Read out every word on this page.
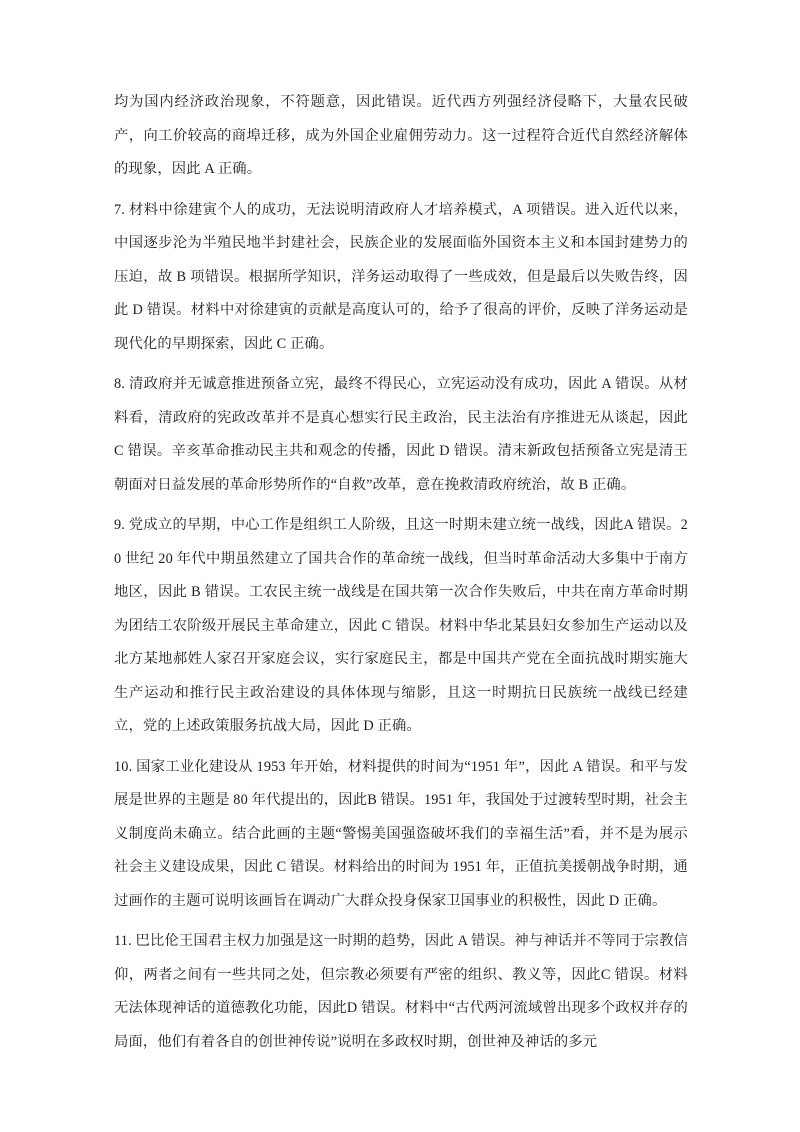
均为国内经济政治现象，不符题意，因此错误。近代西方列强经济侵略下，大量农民破产，向工价较高的商埠迁移，成为外国企业雇佣劳动力。这一过程符合近代自然经济解体的现象，因此 A 正确。

7. 材料中徐建寅个人的成功，无法说明清政府人才培养模式，A 项错误。进入近代以来，中国逐步沦为半殖民地半封建社会，民族企业的发展面临外国资本主义和本国封建势力的压迫，故 B 项错误。根据所学知识，洋务运动取得了一些成效，但是最后以失败告终，因此 D 错误。材料中对徐建寅的贡献是高度认可的，给予了很高的评价，反映了洋务运动是现代化的早期探索，因此 C 正确。

8. 清政府并无诚意推进预备立宪，最终不得民心，立宪运动没有成功，因此 A 错误。从材料看，清政府的宪政改革并不是真心想实行民主政治，民主法治有序推进无从谈起，因此 C 错误。辛亥革命推动民主共和观念的传播，因此 D 错误。清末新政包括预备立宪是清王朝面对日益发展的革命形势所作的“自救”改革，意在挽救清政府统治，故 B 正确。

9. 党成立的早期，中心工作是组织工人阶级，且这一时期未建立统一战线，因此A 错误。20 世纪 20 年代中期虽然建立了国共合作的革命统一战线，但当时革命活动大多集中于南方地区，因此 B 错误。工农民主统一战线是在国共第一次合作失败后，中共在南方革命时期为团结工农阶级开展民主革命建立，因此 C 错误。材料中华北某县妇女参加生产运动以及北方某地郝姓人家召开家庭会议，实行家庭民主，都是中国共产党在全面抗战时期实施大生产运动和推行民主政治建设的具体体现与缩影，且这一时期抗日民族统一战线已经建立，党的上述政策服务抗战大局，因此 D 正确。

10. 国家工业化建设从 1953 年开始，材料提供的时间为“1951 年”，因此 A 错误。和平与发展是世界的主题是 80 年代提出的，因此B 错误。1951 年，我国处于过渡转型时期，社会主义制度尚未确立。结合此画的主题“警惕美国强盗破坏我们的幸福生活”看，并不是为展示社会主义建设成果，因此 C 错误。材料给出的时间为 1951 年，正值抗美援朝战争时期，通过画作的主题可说明该画旨在调动广大群众投身保家卫国事业的积极性，因此 D 正确。

11. 巴比伦王国君主权力加强是这一时期的趋势，因此 A 错误。神与神话并不等同于宗教信仰，两者之间有一些共同之处，但宗教必须要有严密的组织、教义等，因此C 错误。材料无法体现神话的道德教化功能，因此D 错误。材料中“古代两河流域曾出现多个政权并存的局面，他们有着各自的创世神传说”说明在多政权时期，创世神及神话的多元
